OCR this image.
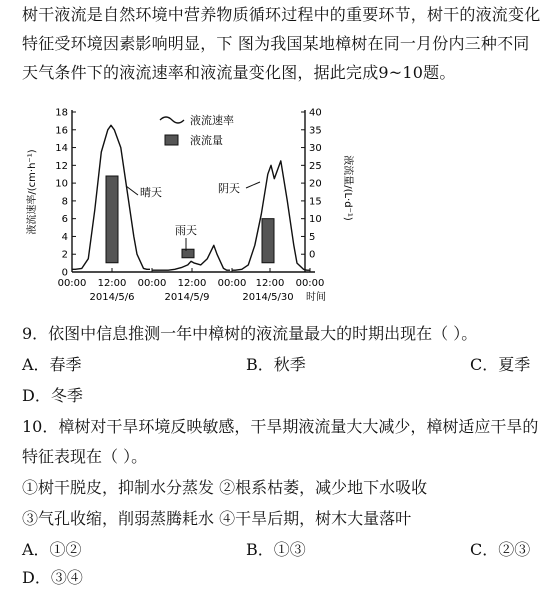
树干液流是自然环境中营养物质循环过程中的重要环节，树干的液流变化特征受环境因素影响明显，下 图为我国某地樟树在同一月份内三种不同天气条件下的液流速率和液流量变化图，据此完成9~10题。
0
2
4
6
8
10
12
14
16
18
0
5
10
15
20
25
30
35
40
00:00 12:00 00:00 12:00 00:00 12:00 00:00
液流速率/(cm·h⁻¹)	液流量/(L·d⁻¹)
液流速率
液流量
晴天
雨天
阴天
2014/5/6	2014/5/9	2014/5/30 时间
9．依图中信息推测一年中樟树的液流量最大的时期出现在（ ）。
A．春季	B．秋季	C．夏季
D．冬季
10．樟树对干旱环境反映敏感，干旱期液流量大大减少，樟树适应干旱的
特征表现在（ ）。
①树干脱皮，抑制水分蒸发 ②根系枯萎，减少地下水吸收
③气孔收缩，削弱蒸腾耗水 ④干旱后期，树木大量落叶
A．①②	B．①③	C．②③
D．③④
